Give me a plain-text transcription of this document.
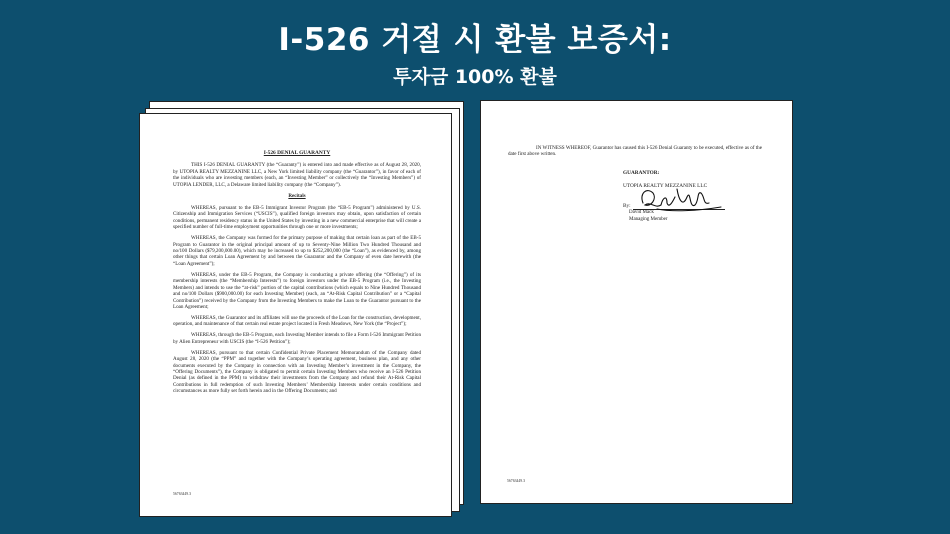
I-526 거절 시 환불 보증서:
투자금 100% 환불

I-526 DENIAL GUARANTY

THIS I-526 DENIAL GUARANTY (the “Guaranty”) is entered into and made effective as of August 28, 2020, by UTOPIA REALTY MEZZANINE LLC, a New York limited liability company (the “Guarantor”), in favor of each of the individuals who are investing members (each, an “Investing Member” or collectively the “Investing Members”) of UTOPIA LENDER, LLC, a Delaware limited liability company (the “Company”).

Recitals

WHEREAS, pursuant to the EB-5 Immigrant Investor Program (the “EB-5 Program”) administered by U.S. Citizenship and Immigration Services (“USCIS”), qualified foreign investors may obtain, upon satisfaction of certain conditions, permanent residency status in the United States by investing in a new commercial enterprise that will create a specified number of full-time employment opportunities through one or more investments;

WHEREAS, the Company was formed for the primary purpose of making that certain loan as part of the EB-5 Program to Guarantor in the original principal amount of up to Seventy-Nine Million Two Hundred Thousand and no/100 Dollars ($79,200,000.00), which may be increased to up to $252,200,000 (the “Loan”), as evidenced by, among other things that certain Loan Agreement by and between the Guarantor and the Company of even date herewith (the “Loan Agreement”);

WHEREAS, under the EB-5 Program, the Company is conducting a private offering (the “Offering”) of its membership interests (the “Membership Interests”) to foreign investors under the EB-5 Program (i.e., the Investing Members) and intends to use the “at-risk” portion of the capital contributions (which equals to Nine Hundred Thousand and no/100 Dollars ($900,000.00) for each Investing Member) (each, an “At-Risk Capital Contribution” or a “Capital Contribution”) received by the Company from the Investing Members to make the Loan to the Guarantor pursuant to the Loan Agreement;

WHEREAS, the Guarantor and its affiliates will use the proceeds of the Loan for the construction, development, operation, and maintenance of that certain real estate project located in Fresh Meadows, New York (the “Project”);

WHEREAS, through the EB-5 Program, each Investing Member intends to file a Form I-526 Immigrant Petition by Alien Entrepreneur with USCIS (the “I-526 Petition”);

WHEREAS, pursuant to that certain Confidential Private Placement Memorandum of the Company dated August 28, 2020 (the “PPM” and together with the Company’s operating agreement, business plan, and any other documents executed by the Company in connection with an Investing Member’s investment in the Company, the “Offering Documents”), the Company is obligated to permit certain Investing Members who receive an I-526 Petition Denial (as defined in the PPM) to withdraw their investments from the Company and refund their At-Risk Capital Contributions in full redemption of such Investing Members’ Membership Interests under certain conditions and circumstances as more fully set forth herein and in the Offering Documents; and

56763449.3
IN WITNESS WHEREOF, Guarantor has caused this I-526 Denial Guaranty to be executed, effective as of the date first above written.
GUARANTOR:
UTOPIA REALTY MEZZANINE LLC
By:
David Mack
Managing Member
56763449.3
